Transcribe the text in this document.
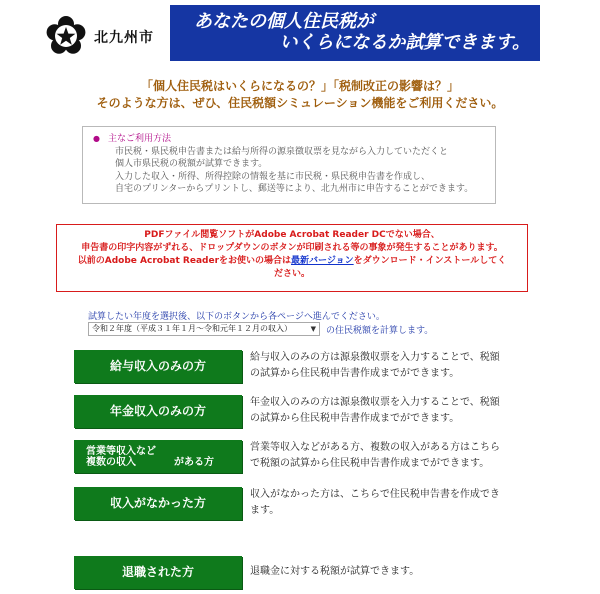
北九州市
あなたの個人住民税が
いくらになるか試算できます。
「個人住民税はいくらになるの？」「税制改正の影響は？」
そのような方は、ぜひ、住民税額シミュレーション機能をご利用ください。
● 主なご利用方法
市民税・県民税申告書または給与所得の源泉徴収票を見ながら入力していただくと
個人市県民税の税額が試算できます。
入力した収入・所得、所得控除の情報を基に市民税・県民税申告書を作成し、
自宅のプリンターからプリントし、郵送等により、北九州市に申告することができます。
PDFファイル閲覧ソフトがAdobe Acrobat Reader DCでない場合、
申告書の印字内容がずれる、ドロップダウンのボタンが印刷される等の事象が発生することがあります。
以前のAdobe Acrobat Readerをお使いの場合は最新バージョンをダウンロード・インストールしてく
ださい。
試算したい年度を選択後、以下のボタンから各ページへ進んでください。
令和２年度（平成３１年１月～令和元年１２月の収入）	▼ の住民税額を計算します。
給与収入のみの方
給与収入のみの方は源泉徴収票を入力することで、税額
の試算から住民税申告書作成までができます。
年金収入のみの方
年金収入のみの方は源泉徴収票を入力することで、税額
の試算から住民税申告書作成までができます。
営業等収入など
複数の収入	がある方
営業等収入などがある方、複数の収入がある方はこちら
で税額の試算から住民税申告書作成までができます。
収入がなかった方
収入がなかった方は、こちらで住民税申告書を作成でき
ます。
退職された方	退職金に対する税額が試算できます。
